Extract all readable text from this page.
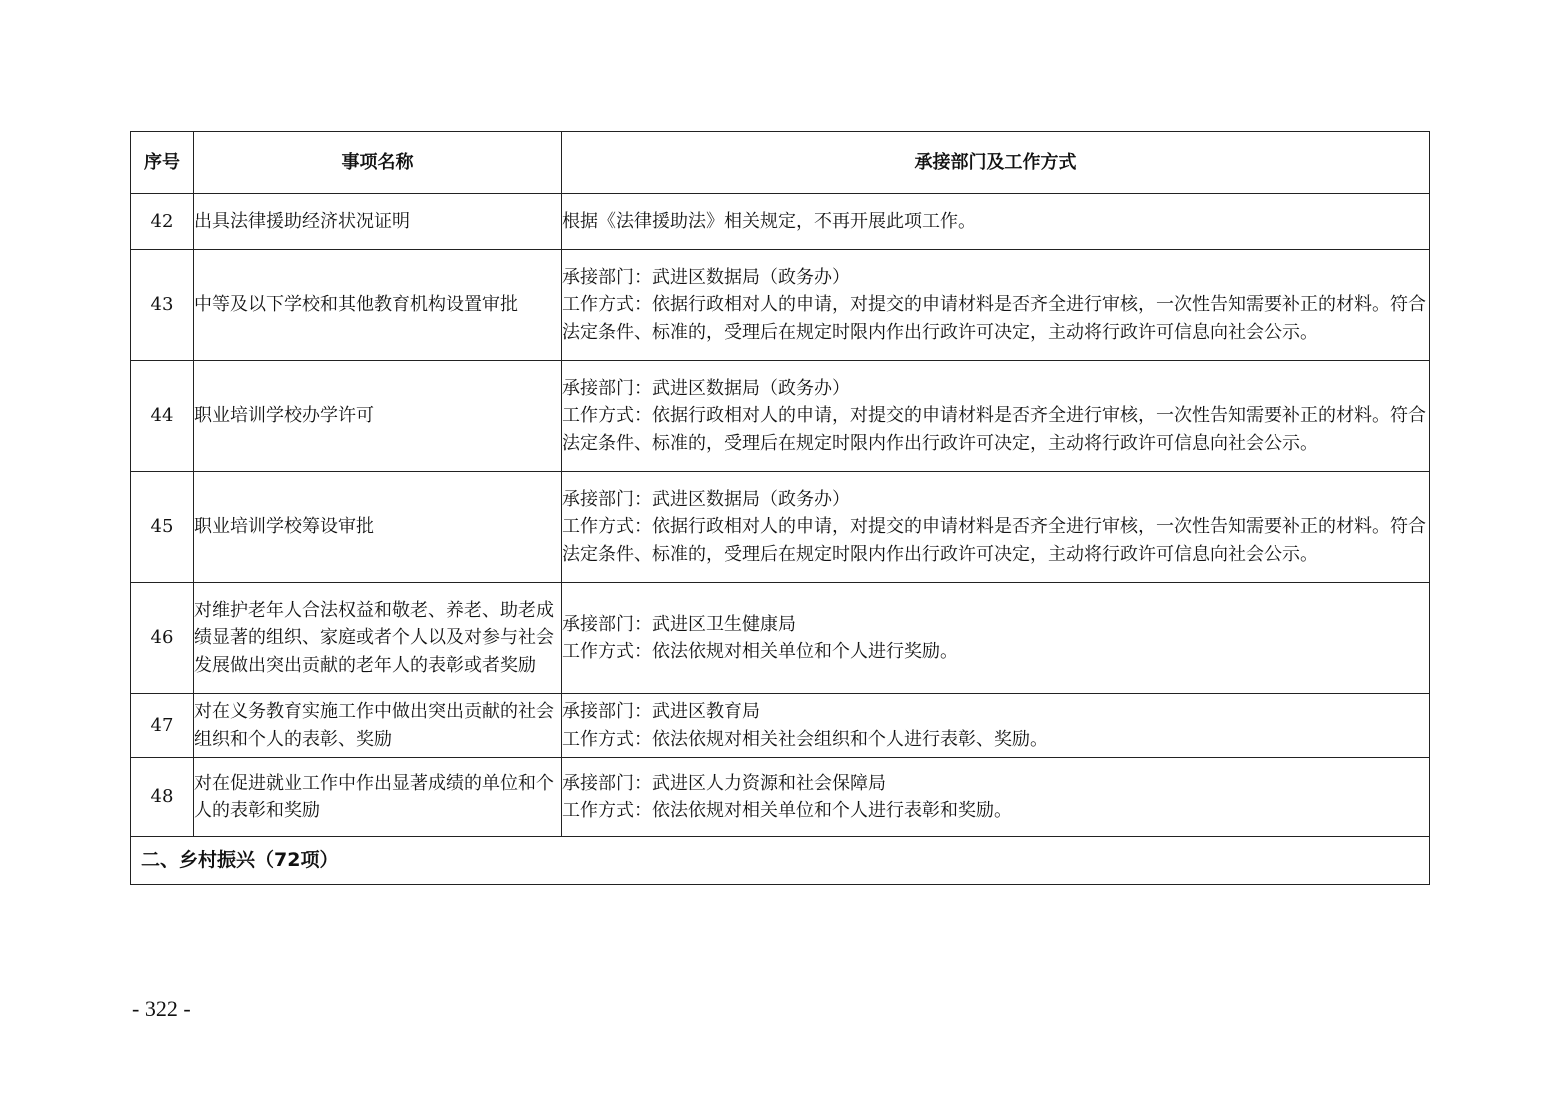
序号	事项名称	承接部门及工作方式
42	出具法律援助经济状况证明	根据《法律援助法》相关规定，不再开展此项工作。

43	中等及以下学校和其他教育机构设置审批	承接部门：武进区数据局（政务办）
工作方式：依据行政相对人的申请，对提交的申请材料是否齐全进行审核，一次性告知需要补正的材料。符合法定条件、标准的，受理后在规定时限内作出行政许可决定，主动将行政许可信息向社会公示。

44	职业培训学校办学许可	承接部门：武进区数据局（政务办）
工作方式：依据行政相对人的申请，对提交的申请材料是否齐全进行审核，一次性告知需要补正的材料。符合法定条件、标准的，受理后在规定时限内作出行政许可决定，主动将行政许可信息向社会公示。

45	职业培训学校筹设审批	承接部门：武进区数据局（政务办）
工作方式：依据行政相对人的申请，对提交的申请材料是否齐全进行审核，一次性告知需要补正的材料。符合法定条件、标准的，受理后在规定时限内作出行政许可决定，主动将行政许可信息向社会公示。

46	对维护老年人合法权益和敬老、养老、助老成绩显著的组织、家庭或者个人以及对参与社会发展做出突出贡献的老年人的表彰或者奖励	承接部门：武进区卫生健康局
工作方式：依法依规对相关单位和个人进行奖励。

47	对在义务教育实施工作中做出突出贡献的社会组织和个人的表彰、奖励	承接部门：武进区教育局
工作方式：依法依规对相关社会组织和个人进行表彰、奖励。

48	对在促进就业工作中作出显著成绩的单位和个人的表彰和奖励	承接部门：武进区人力资源和社会保障局
工作方式：依法依规对相关单位和个人进行表彰和奖励。

二、乡村振兴（72项）		
- 322 -
